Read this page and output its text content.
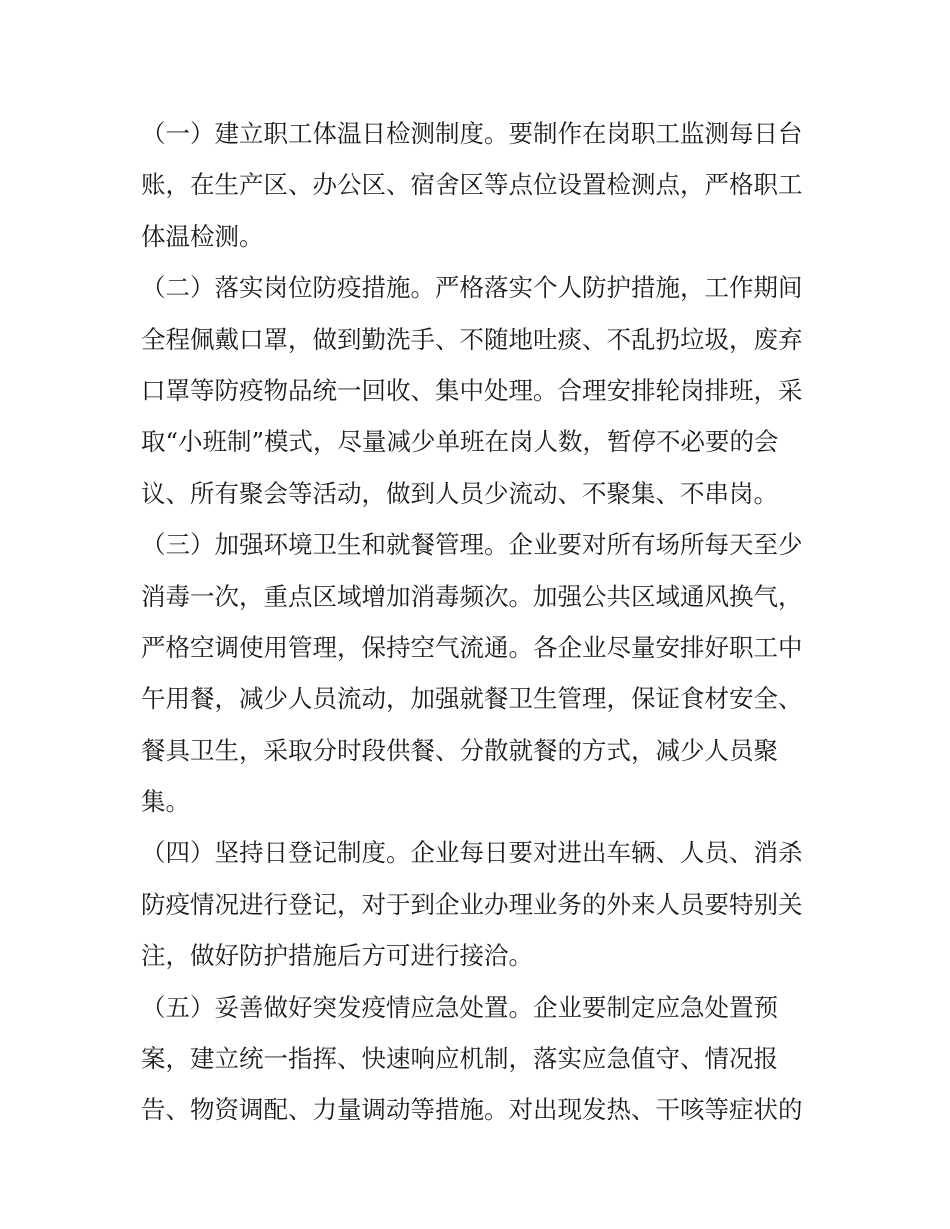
（一）建立职工体温日检测制度。要制作在岗职工监测每日台
账，在生产区、办公区、宿舍区等点位设置检测点，严格职工
体温检测。
（二）落实岗位防疫措施。严格落实个人防护措施，工作期间
全程佩戴口罩，做到勤洗手、不随地吐痰、不乱扔垃圾，废弃
口罩等防疫物品统一回收、集中处理。合理安排轮岗排班，采
取“小班制”模式，尽量减少单班在岗人数，暂停不必要的会
议、所有聚会等活动，做到人员少流动、不聚集、不串岗。
（三）加强环境卫生和就餐管理。企业要对所有场所每天至少
消毒一次，重点区域增加消毒频次。加强公共区域通风换气，
严格空调使用管理，保持空气流通。各企业尽量安排好职工中
午用餐，减少人员流动，加强就餐卫生管理，保证食材安全、
餐具卫生，采取分时段供餐、分散就餐的方式，减少人员聚
集。
（四）坚持日登记制度。企业每日要对进出车辆、人员、消杀
防疫情况进行登记，对于到企业办理业务的外来人员要特别关
注，做好防护措施后方可进行接洽。
（五）妥善做好突发疫情应急处置。企业要制定应急处置预
案，建立统一指挥、快速响应机制，落实应急值守、情况报
告、物资调配、力量调动等措施。对出现发热、干咳等症状的
